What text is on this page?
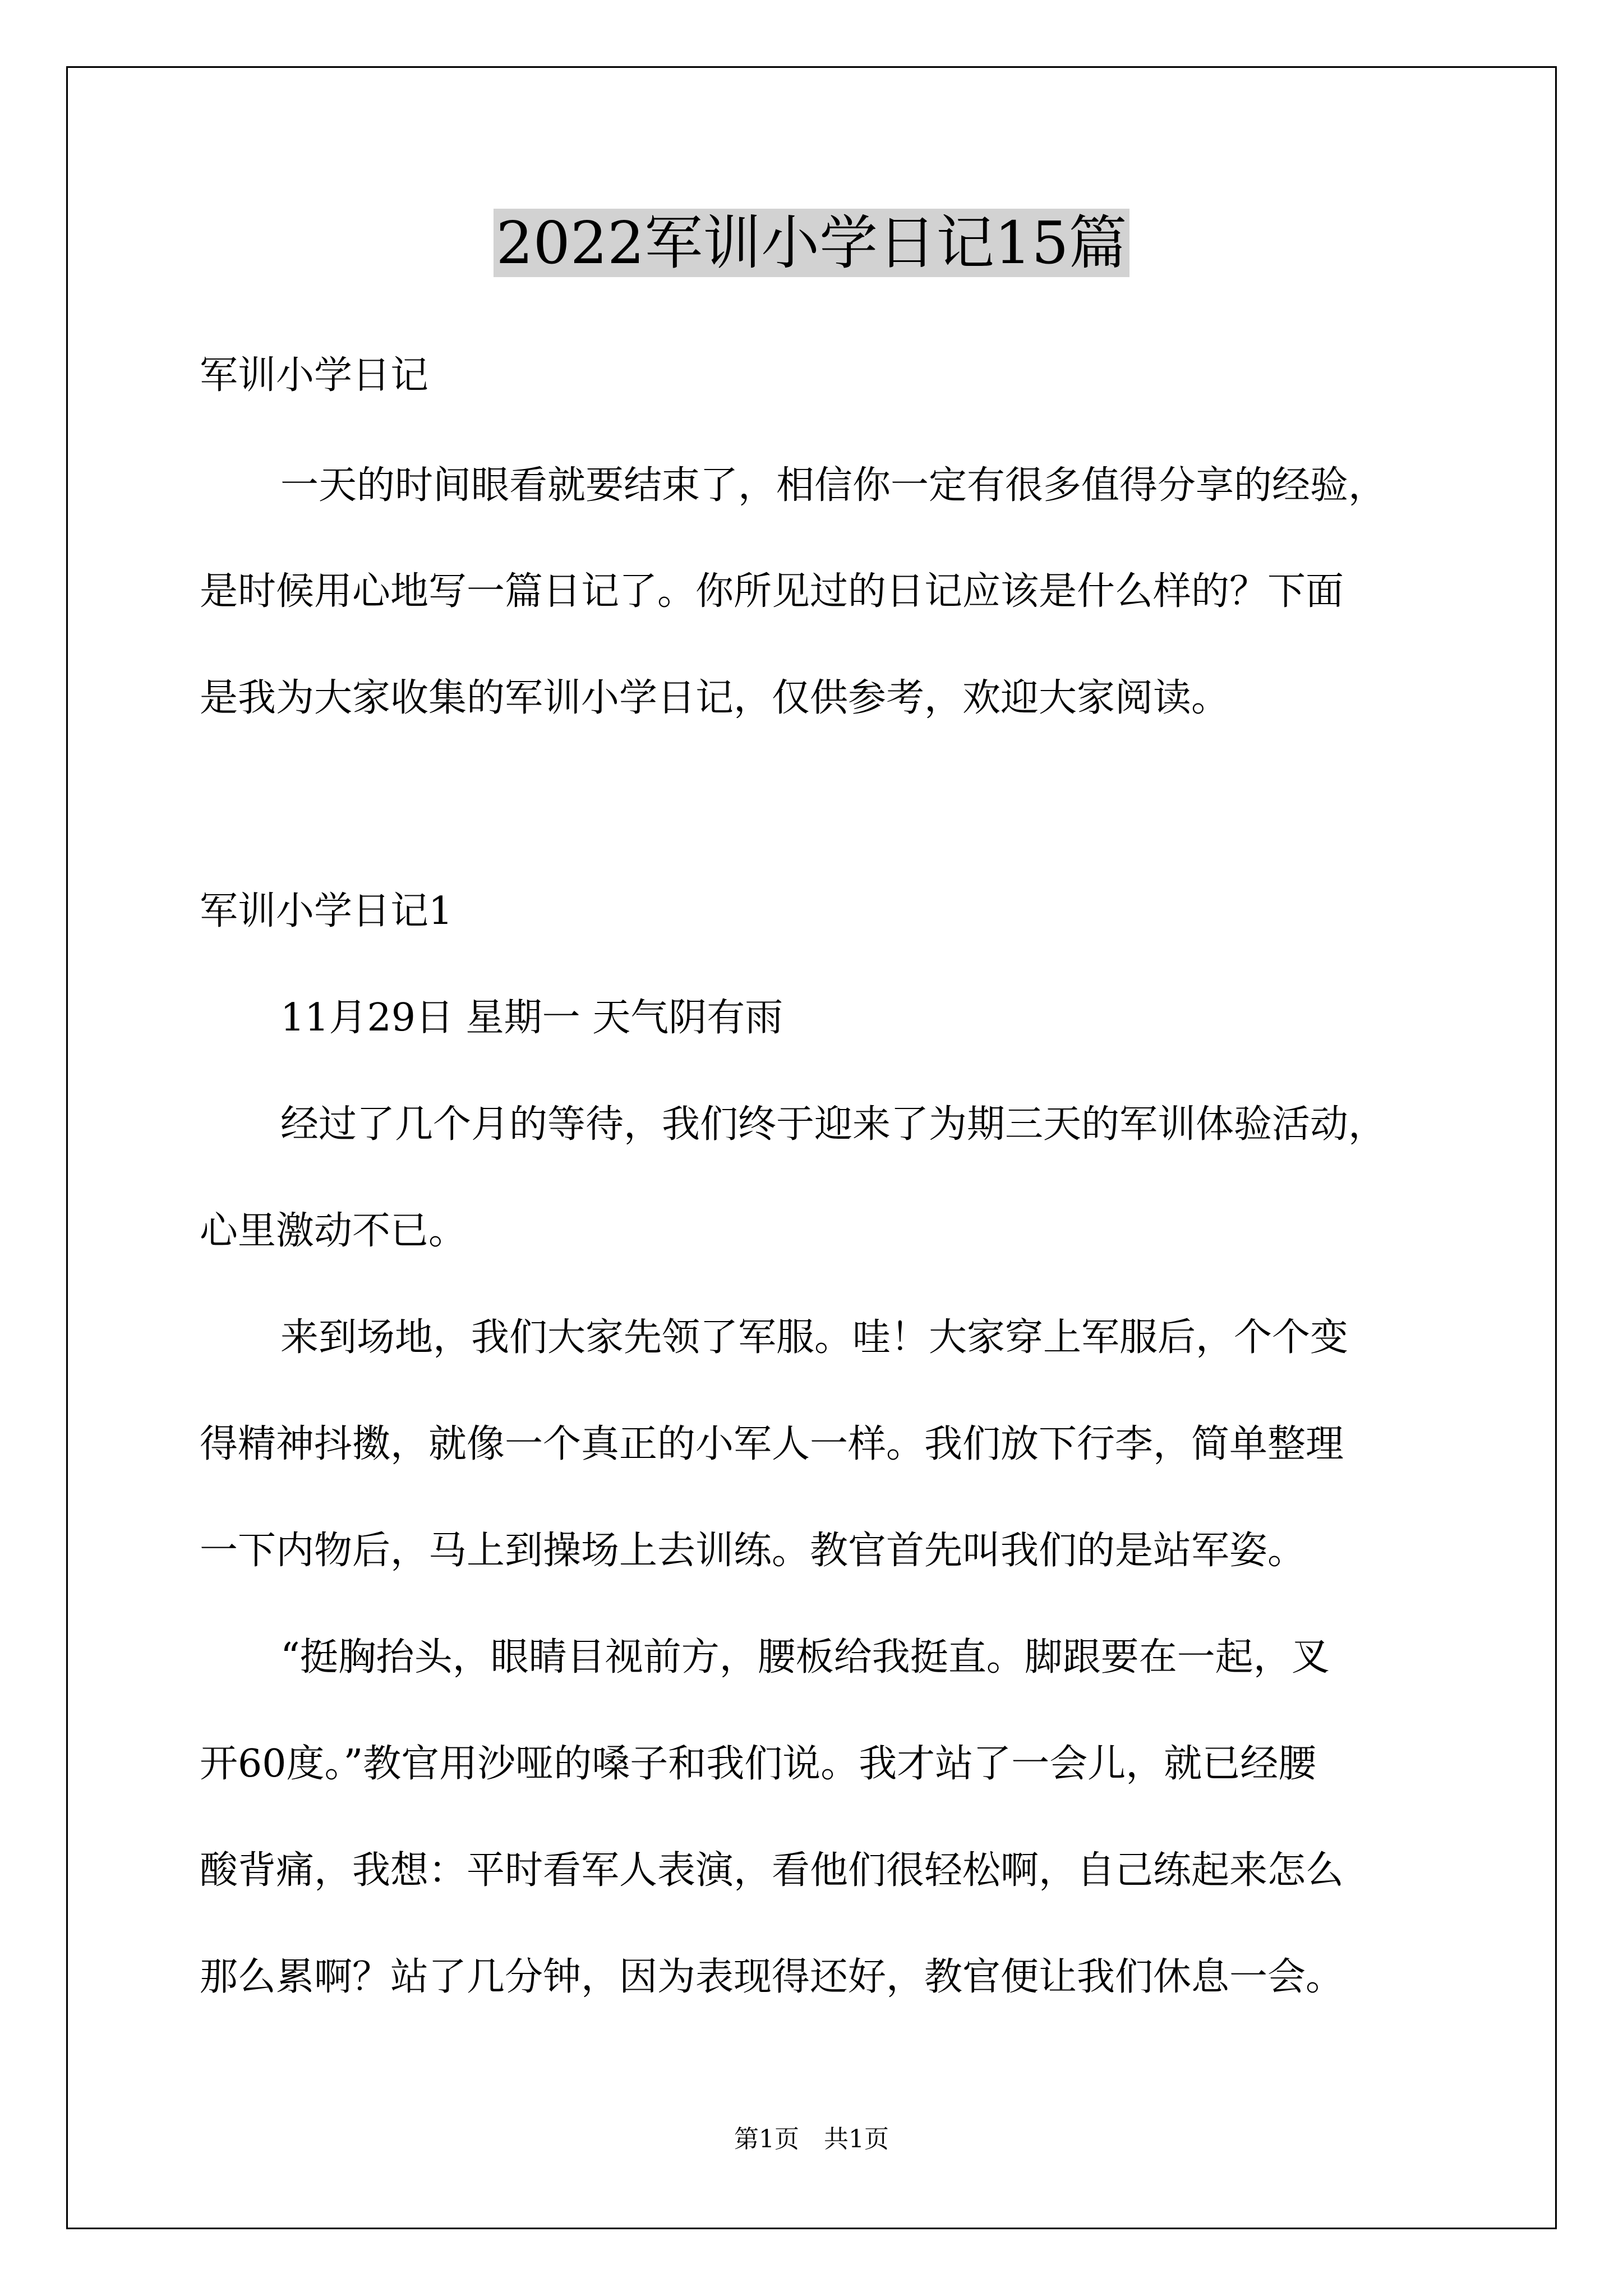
2022军训小学日记15篇

军训小学日记

一天的时间眼看就要结束了，相信你一定有很多值得分享的经验，

是时候用心地写一篇日记了。你所见过的日记应该是什么样的？下面

是我为大家收集的军训小学日记，仅供参考，欢迎大家阅读。

军训小学日记1

11月29日 星期一 天气阴有雨

经过了几个月的等待，我们终于迎来了为期三天的军训体验活动，

心里激动不已。

来到场地，我们大家先领了军服。哇！大家穿上军服后，个个变

得精神抖擞，就像一个真正的小军人一样。我们放下行李，简单整理

一下内物后，马上到操场上去训练。教官首先叫我们的是站军姿。

“挺胸抬头，眼睛目视前方，腰板给我挺直。脚跟要在一起，叉

开60度。”教官用沙哑的嗓子和我们说。我才站了一会儿，就已经腰

酸背痛，我想：平时看军人表演，看他们很轻松啊，自己练起来怎么

那么累啊？站了几分钟，因为表现得还好，教官便让我们休息一会。

第1页 共1页
